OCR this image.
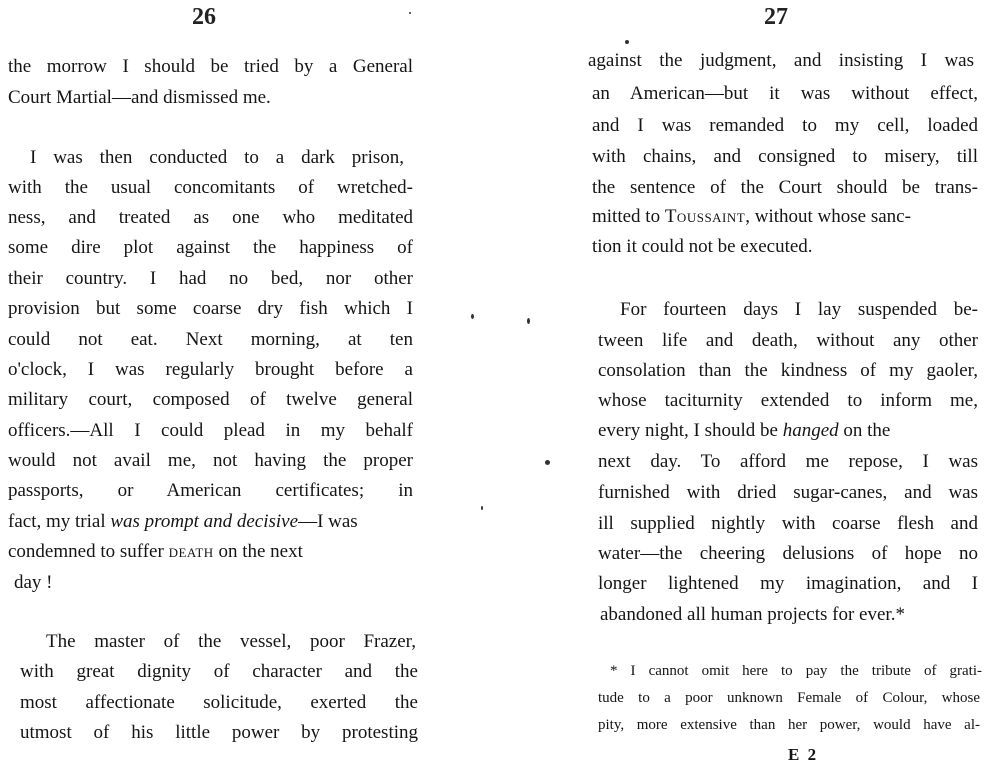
26
the morrow I should be tried by a General
Court Martial—and dismissed me.
I was then conducted to a dark prison,
with the usual concomitants of wretched-
ness, and treated as one who meditated
some dire plot against the happiness of
their country. I had no bed, nor other
provision but some coarse dry fish which I
could not eat. Next morning, at ten
o'clock, I was regularly brought before a
military court, composed of twelve general
officers.—All I could plead in my behalf
would not avail me, not having the proper
passports, or American certificates; in
fact, my trial was prompt and decisive—I was
condemned to suffer death on the next
day !
The master of the vessel, poor Frazer,
with great dignity of character and the
most affectionate solicitude, exerted the
utmost of his little power by protesting
27
against the judgment, and insisting I was
an American—but it was without effect,
and I was remanded to my cell, loaded
with chains, and consigned to misery, till
the sentence of the Court should be trans-
mitted to Toussaint, without whose sanc-
tion it could not be executed.
For fourteen days I lay suspended be-
tween life and death, without any other
consolation than the kindness of my gaoler,
whose taciturnity extended to inform me,
every night, I should be hanged on the
next day. To afford me repose, I was
furnished with dried sugar-canes, and was
ill supplied nightly with coarse flesh and
water—the cheering delusions of hope no
longer lightened my imagination, and I
abandoned all human projects for ever.*
* I cannot omit here to pay the tribute of grati-
tude to a poor unknown Female of Colour, whose
pity, more extensive than her power, would have al-
E 2
